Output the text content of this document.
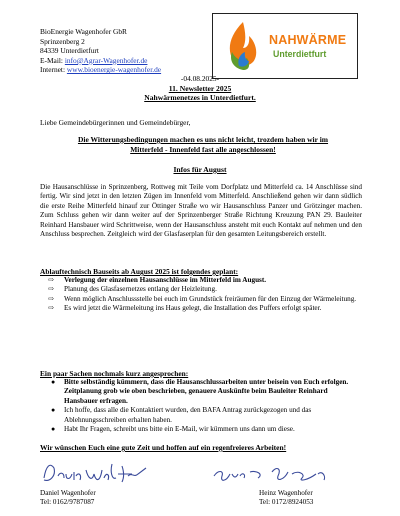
BioEnergie Wagenhofer GbR
Sprinzenberg 2
84339 Unterdietfurt
E-Mail: info@Agrar-Wagenhofer.de
Internet: www.bioenergie-wagenhofer.de
NAHWÄRME
Unterdietfurt
-04.08.2025-
11. Newsletter 2025
Nahwärmenetzes in Unterdietfurt.
Liebe Gemeindebürgerinnen und Gemeindebürger,
Die Witterungsbedingungen machen es uns nicht leicht, trozdem haben wir im
Mitterfeld - Innenfeld fast alle angeschlossen!
Infos für August
Die Hausanschlüsse in Sprinzenberg, Rottweg mit Teile vom Dorfplatz und Mitterfeld ca. 14 Anschlüsse sind fertig. Wir sind jetzt in den letzten Zügen im Innenfeld vom Mitterfeld. Anschließend gehen wir dann südlich die erste Reihe Mitterfeld hinauf zur Öttinger Straße wo wir Hausanschluss Panzer und Grötzinger machen. Zum Schluss gehen wir dann weiter auf der Sprinzenberger Straße Richtung Kreuzung PAN 29. Bauleiter Reinhard Hansbauer wird Schrittweise, wenn der Hausanschluss ansteht mit euch Kontakt auf nehmen und den Anschluss besprechen. Zeitgleich wird der Glasfaserplan für den gesamten Leitungsbereich erstellt.
Ablauftechnisch Bauseits ab August 2025 ist folgendes geplant:
⇨ Verlegung der einzelnen Hausanschlüsse im Mitterfeld im August.
⇨ Planung des Glasfasernetzes entlang der Heizleitung.
⇨ Wenn möglich Anschlussstelle bei euch im Grundstück freiräumen für den Einzug der Wärmeleitung.
⇨ Es wird jetzt die Wärmeleitung ins Haus gelegt, die Installation des Puffers erfolgt später.
Ein paar Sachen nochmals kurz angesprochen:
● Bitte selbständig kümmern, dass die Hausanschlussarbeiten unter beisein von Euch erfolgen. Zeitplanung grob wie oben beschrieben, genauere Auskünfte beim Bauleiter Reinhard Hansbauer erfragen.
● Ich hoffe, dass alle die Kontaktiert wurden, den BAFA Antrag zurückgezogen und das Ablehnungsschreiben erhalten haben.
● Habt Ihr Fragen, schreibt uns bitte ein E-Mail, wir kümmern uns dann um diese.
Wir wünschen Euch eine gute Zeit und hoffen auf ein regenfreieres Arbeiten!
Daniel Wagenhofer
Tel: 0162/9787087
Heinz Wagenhofer
Tel: 0172/8924053
